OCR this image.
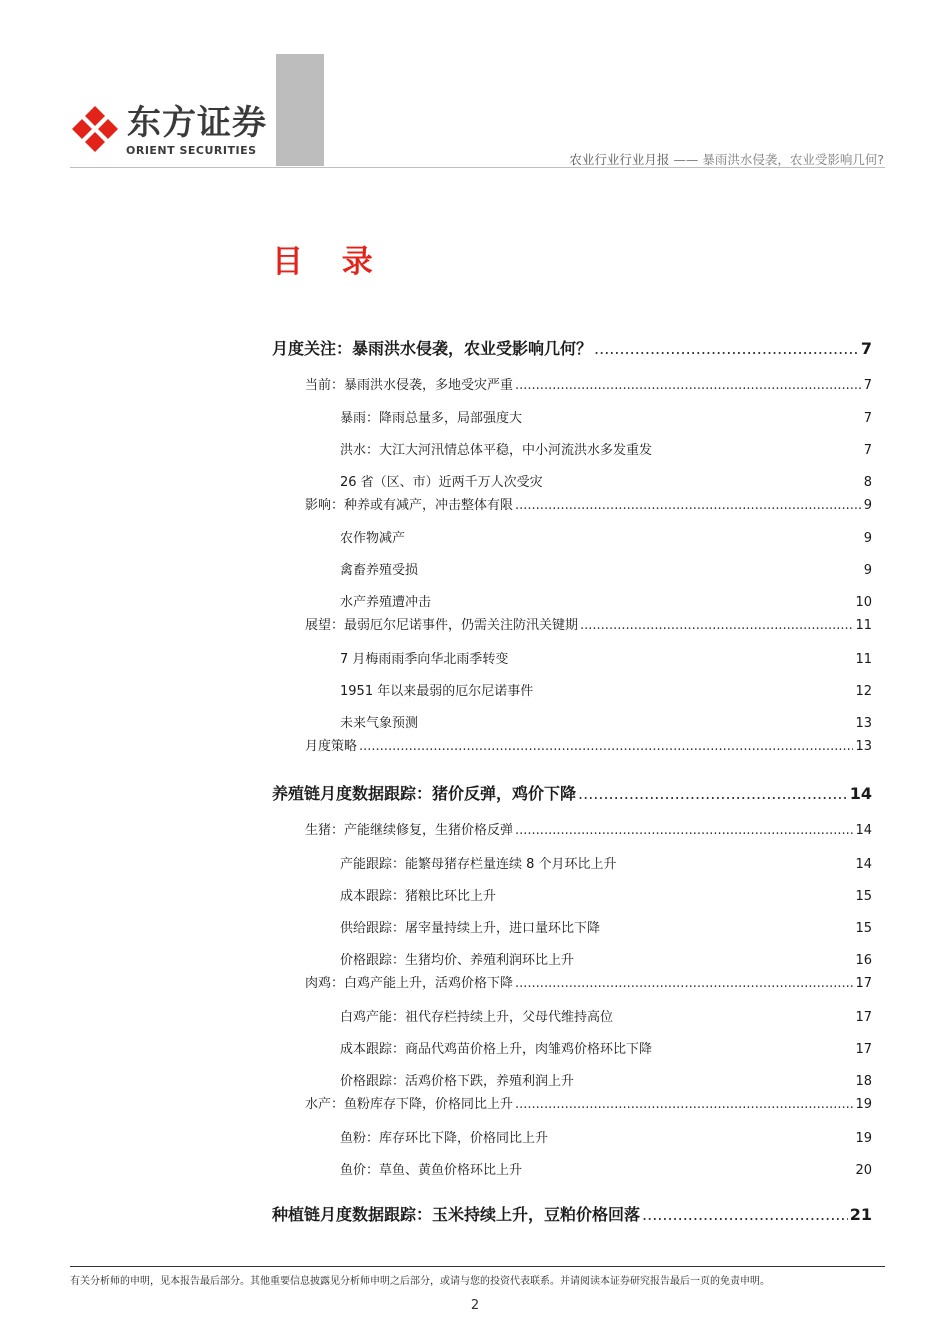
东方证券
ORIENT SECURITIES
农业行业行业月报 —— 暴雨洪水侵袭，农业受影响几何?
目 录
月度关注：暴雨洪水侵袭，农业受影响几何？ .....	7
当前：暴雨洪水侵袭，多地受灾严重 .....	7
暴雨：降雨总量多，局部强度大	7
洪水：大江大河汛情总体平稳，中小河流洪水多发重发	7
26 省（区、市）近两千万人次受灾	8
影响：种养或有减产，冲击整体有限 .....	9
农作物减产	9
禽畜养殖受损	9
水产养殖遭冲击	10
展望：最弱厄尔尼诺事件，仍需关注防汛关键期 .....	11
7 月梅雨雨季向华北雨季转变	11
1951 年以来最弱的厄尔尼诺事件	12
未来气象预测	13
月度策略 .....	13
养殖链月度数据跟踪：猪价反弹，鸡价下降 .....	14
生猪：产能继续修复，生猪价格反弹 .....	14
产能跟踪：能繁母猪存栏量连续 8 个月环比上升	14
成本跟踪：猪粮比环比上升	15
供给跟踪：屠宰量持续上升，进口量环比下降	15
价格跟踪：生猪均价、养殖利润环比上升	16
肉鸡：白鸡产能上升，活鸡价格下降 .....	17
白鸡产能：祖代存栏持续上升，父母代维持高位	17
成本跟踪：商品代鸡苗价格上升，肉雏鸡价格环比下降	17
价格跟踪：活鸡价格下跌，养殖利润上升	18
水产：鱼粉库存下降，价格同比上升 .....	19
鱼粉：库存环比下降，价格同比上升	19
鱼价：草鱼、黄鱼价格环比上升	20
种植链月度数据跟踪：玉米持续上升，豆粕价格回落 .....	21
有关分析师的申明，见本报告最后部分。其他重要信息披露见分析师申明之后部分，或请与您的投资代表联系。并请阅读本证券研究报告最后一页的免责申明。
2
